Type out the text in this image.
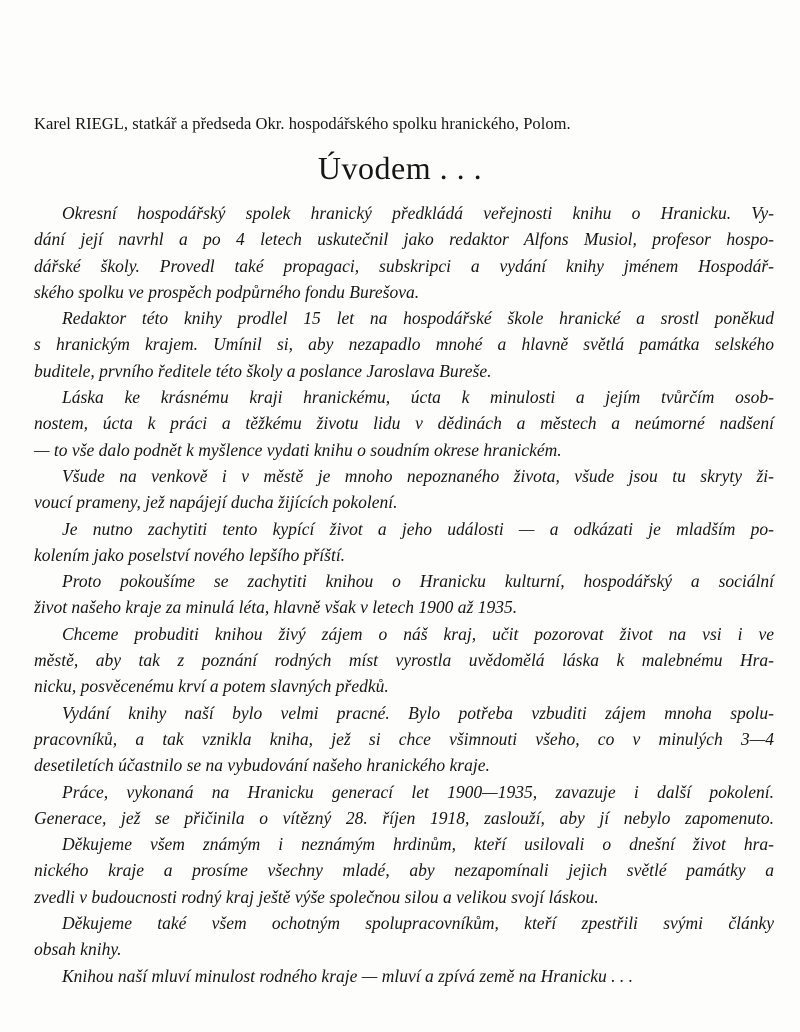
Karel RIEGL, statkář a předseda Okr. hospodářského spolku hranického, Polom.
Úvodem . . .
Okresní hospodářský spolek hranický předkládá veřejnosti knihu o Hranicku. Vy-
dání její navrhl a po 4 letech uskutečnil jako redaktor Alfons Musiol, profesor hospo-
dářské školy. Provedl také propagaci, subskripci a vydání knihy jménem Hospodář-
ského spolku ve prospěch podpůrného fondu Burešova.
Redaktor této knihy prodlel 15 let na hospodářské škole hranické a srostl poněkud
s hranickým krajem. Umínil si, aby nezapadlo mnohé a hlavně světlá památka selského
buditele, prvního ředitele této školy a poslance Jaroslava Bureše.
Láska ke krásnému kraji hranickému, úcta k minulosti a jejím tvůrčím osob-
nostem, úcta k práci a těžkému životu lidu v dědinách a městech a neúmorné nadšení
— to vše dalo podnět k myšlence vydati knihu o soudním okrese hranickém.
Všude na venkově i v městě je mnoho nepoznaného života, všude jsou tu skryty ži-
voucí prameny, jež napájejí ducha žijících pokolení.
Je nutno zachytiti tento kypící život a jeho události — a odkázati je mladším po-
kolením jako poselství nového lepšího příští.
Proto pokoušíme se zachytiti knihou o Hranicku kulturní, hospodářský a sociální
život našeho kraje za minulá léta, hlavně však v letech 1900 až 1935.
Chceme probuditi knihou živý zájem o náš kraj, učit pozorovat život na vsi i ve
městě, aby tak z poznání rodných míst vyrostla uvědomělá láska k malebnému Hra-
nicku, posvěcenému krví a potem slavných předků.
Vydání knihy naší bylo velmi pracné. Bylo potřeba vzbuditi zájem mnoha spolu-
pracovníků, a tak vznikla kniha, jež si chce všimnouti všeho, co v minulých 3—4
desetiletích účastnilo se na vybudování našeho hranického kraje.
Práce, vykonaná na Hranicku generací let 1900—1935, zavazuje i další pokolení.
Generace, jež se přičinila o vítězný 28. říjen 1918, zaslouží, aby jí nebylo zapomenuto.
Děkujeme všem známým i neznámým hrdinům, kteří usilovali o dnešní život hra-
nického kraje a prosíme všechny mladé, aby nezapomínali jejich světlé památky a
zvedli v budoucnosti rodný kraj ještě výše společnou silou a velikou svojí láskou.
Děkujeme také všem ochotným spolupracovníkům, kteří zpestřili svými články
obsah knihy.
Knihou naší mluví minulost rodného kraje — mluví a zpívá země na Hranicku . . .
